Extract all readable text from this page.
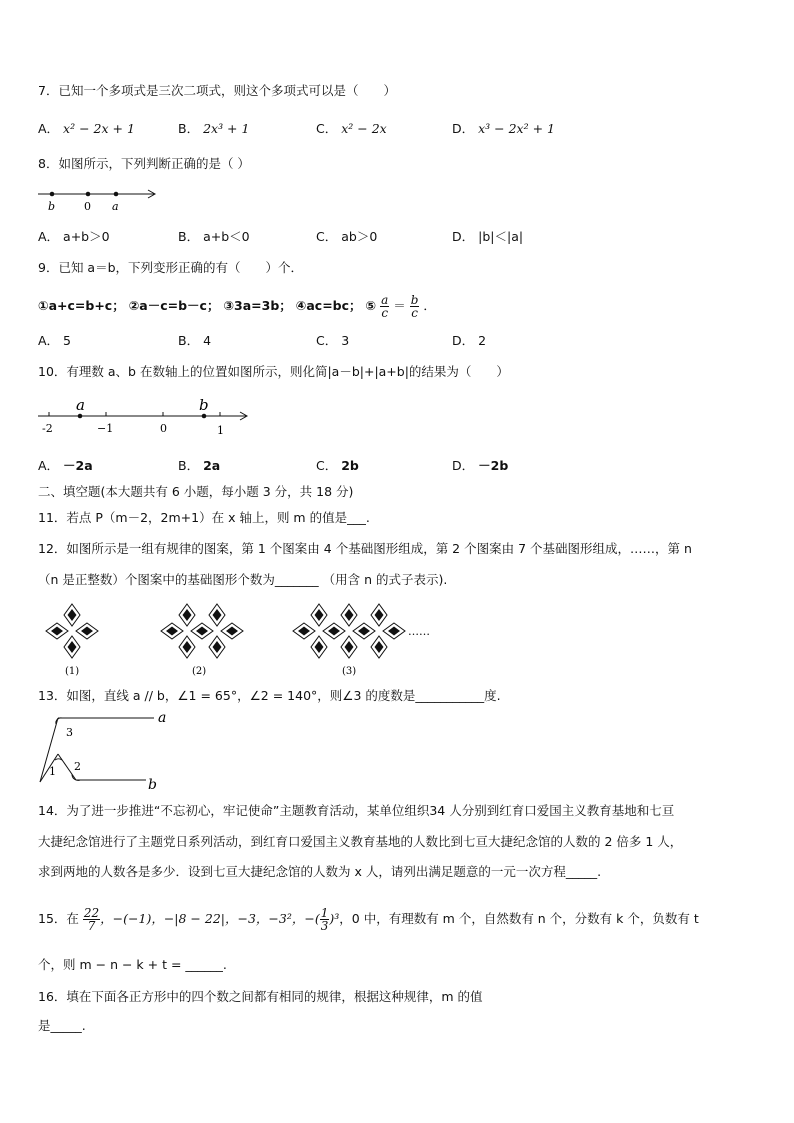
7．已知一个多项式是三次二项式，则这个多项式可以是（　　）
A． x² − 2x + 1	B． 2x³ + 1	C． x² − 2x	D． x³ − 2x² + 1
8．如图所示，下列判断正确的是（ ）
b	0 a
A． a+b＞0	B． a+b＜0	C． ab＞0	D． |b|＜|a|
9．已知 a＝b，下列变形正确的有（　　）个．
①a+c=b+c； ②a－c=b－c； ③3a=3b； ④ac=bc； ⑤ $\frac{a}{c} = \frac{b}{c}$ ．
A． 5	B． 4	C． 3	D． 2
10．有理数 a、b 在数轴上的位置如图所示，则化简|a－b|+|a+b|的结果为（　　）
a	b
-2	−1	0	1
A． －2a	B． 2a	C． 2b	D． －2b
二、填空题(本大题共有 6 小题，每小题 3 分，共 18 分)
11．若点 P（m－2，2m+1）在 x 轴上，则 m 的值是___.
12．如图所示是一组有规律的图案，第 1 个图案由 4 个基础图形组成，第 2 个图案由 7 个基础图形组成，……，第 n
（n 是正整数）个图案中的基础图形个数为_______ （用含 n 的式子表示).
……
(1)	(2)	(3)
13．如图，直线 a // b，∠1 = 65°，∠2 = 140°，则∠3 的度数是___________度.
a
b
1 2
3
14．为了进一步推进“不忘初心，牢记使命”主题教育活动，某单位组织34 人分别到红育口爱国主义教育基地和七亘
大捷纪念馆进行了主题党日系列活动，到红育口爱国主义教育基地的人数比到七亘大捷纪念馆的人数的 2 倍多 1 人，
求到两地的人数各是多少．设到七亘大捷纪念馆的人数为 x 人，请列出满足题意的一元一次方程_____.
15．在 $\frac{22}{7}$ ，−(−1)，−|8 − 22|，−3，−3²，−( $\frac{1}{3} )^3$，0 中，有理数有 m 个，自然数有 n 个，分数有 k 个，负数有 t
个，则 m − n − k + t = ______.
16．填在下面各正方形中的四个数之间都有相同的规律，根据这种规律，m 的值
是_____.
